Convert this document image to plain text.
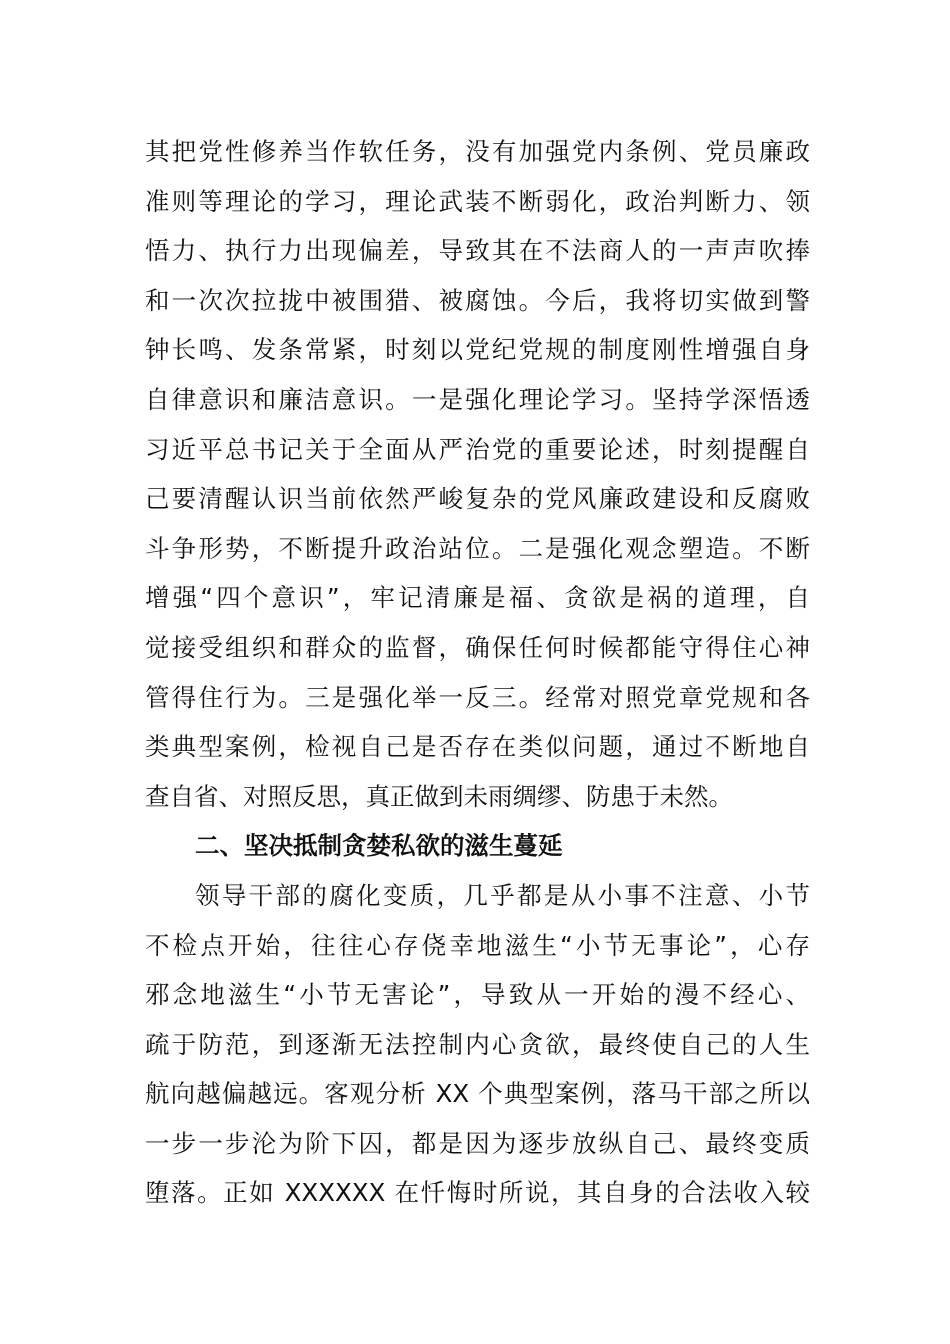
其把党性修养当作软任务，没有加强党内条例、党员廉政
准则等理论的学习，理论武装不断弱化，政治判断力、领
悟力、执行力出现偏差，导致其在不法商人的一声声吹捧
和一次次拉拢中被围猎、被腐蚀。今后，我将切实做到警
钟长鸣、发条常紧，时刻以党纪党规的制度刚性增强自身
自律意识和廉洁意识。一是强化理论学习。坚持学深悟透
习近平总书记关于全面从严治党的重要论述，时刻提醒自
己要清醒认识当前依然严峻复杂的党风廉政建设和反腐败
斗争形势，不断提升政治站位。二是强化观念塑造。不断
增强“四个意识”，牢记清廉是福、贪欲是祸的道理，自
觉接受组织和群众的监督，确保任何时候都能守得住心神
管得住行为。三是强化举一反三。经常对照党章党规和各
类典型案例，检视自己是否存在类似问题，通过不断地自
查自省、对照反思，真正做到未雨绸缪、防患于未然。
二、坚决抵制贪婪私欲的滋生蔓延
领导干部的腐化变质，几乎都是从小事不注意、小节
不检点开始，往往心存侥幸地滋生“小节无事论”，心存
邪念地滋生“小节无害论”，导致从一开始的漫不经心、
疏于防范，到逐渐无法控制内心贪欲，最终使自己的人生
航向越偏越远。客观分析 XX 个典型案例，落马干部之所以
一步一步沦为阶下囚，都是因为逐步放纵自己、最终变质
堕落。正如 XXXXXX 在忏悔时所说，其自身的合法收入较
